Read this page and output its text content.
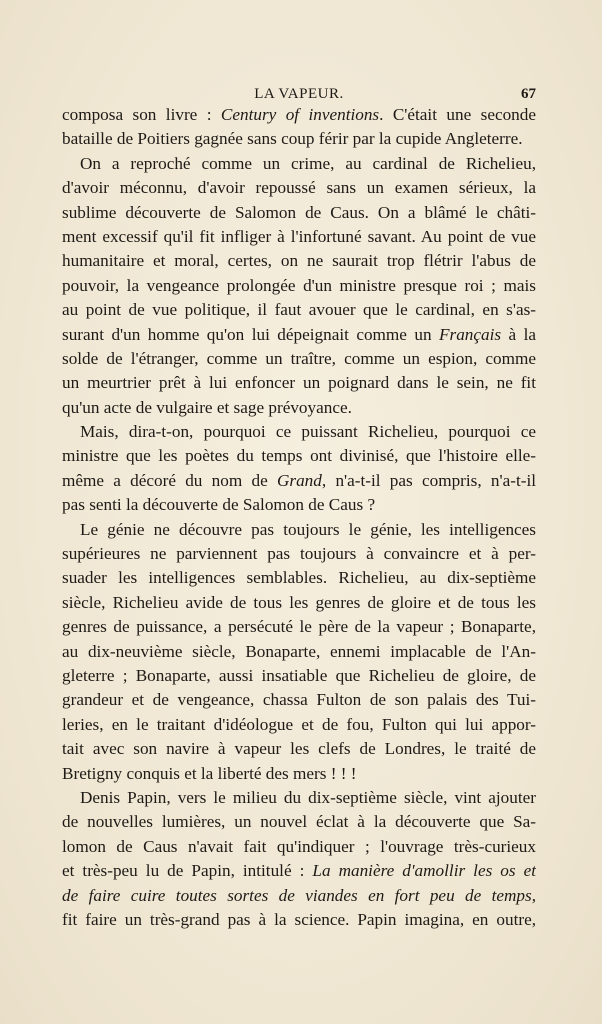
LA VAPEUR.	67
composa son livre : Century of inventions. C'était une seconde
bataille de Poitiers gagnée sans coup férir par la cupide Angleterre.
On a reproché comme un crime, au cardinal de Richelieu,
d'avoir méconnu, d'avoir repoussé sans un examen sérieux, la
sublime découverte de Salomon de Caus. On a blâmé le châti-
ment excessif qu'il fit infliger à l'infortuné savant. Au point de vue
humanitaire et moral, certes, on ne saurait trop flétrir l'abus de
pouvoir, la vengeance prolongée d'un ministre presque roi ; mais
au point de vue politique, il faut avouer que le cardinal, en s'as-
surant d'un homme qu'on lui dépeignait comme un Français à la
solde de l'étranger, comme un traître, comme un espion, comme
un meurtrier prêt à lui enfoncer un poignard dans le sein, ne fit
qu'un acte de vulgaire et sage prévoyance.
Mais, dira-t-on, pourquoi ce puissant Richelieu, pourquoi ce
ministre que les poètes du temps ont divinisé, que l'histoire elle-
même a décoré du nom de Grand, n'a-t-il pas compris, n'a-t-il
pas senti la découverte de Salomon de Caus ?
Le génie ne découvre pas toujours le génie, les intelligences
supérieures ne parviennent pas toujours à convaincre et à per-
suader les intelligences semblables. Richelieu, au dix-septième
siècle, Richelieu avide de tous les genres de gloire et de tous les
genres de puissance, a persécuté le père de la vapeur ; Bonaparte,
au dix-neuvième siècle, Bonaparte, ennemi implacable de l'An-
gleterre ; Bonaparte, aussi insatiable que Richelieu de gloire, de
grandeur et de vengeance, chassa Fulton de son palais des Tui-
leries, en le traitant d'idéologue et de fou, Fulton qui lui appor-
tait avec son navire à vapeur les clefs de Londres, le traité de
Bretigny conquis et la liberté des mers ! ! !
Denis Papin, vers le milieu du dix-septième siècle, vint ajouter
de nouvelles lumières, un nouvel éclat à la découverte que Sa-
lomon de Caus n'avait fait qu'indiquer ; l'ouvrage très-curieux
et très-peu lu de Papin, intitulé : La manière d'amollir les os et
de faire cuire toutes sortes de viandes en fort peu de temps,
fit faire un très-grand pas à la science. Papin imagina, en outre,
